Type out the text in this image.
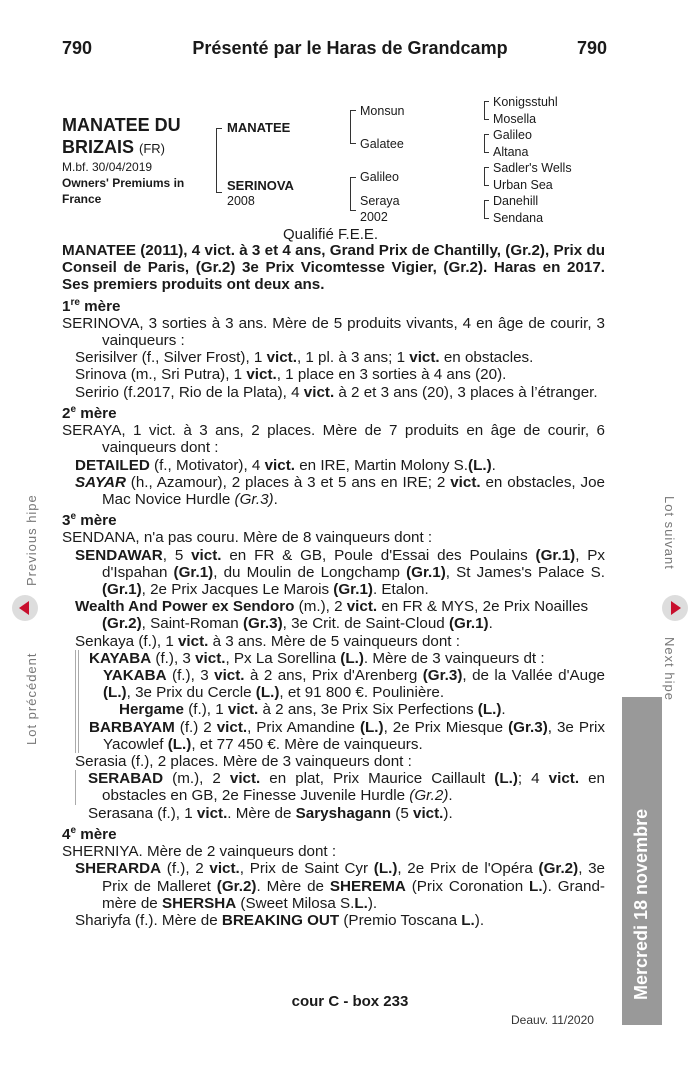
790	Présenté par le Haras de Grandcamp	790
MANATEE DU
BRIZAIS (FR)
M.bf. 30/04/2019
Owners' Premiums in France
MANATEE
SERINOVA
2008
Monsun
Galatee
Galileo
Seraya
2002
Konigsstuhl
Mosella
Galileo
Altana
Sadler's Wells
Urban Sea
Danehill
Sendana
Qualifié F.E.E.

MANATEE (2011), 4 vict. à 3 et 4 ans, Grand Prix de Chantilly, (Gr.2), Prix du Conseil de Paris, (Gr.2) 3e Prix Vicomtesse Vigier, (Gr.2). Haras en 2017. Ses premiers produits ont deux ans.

1re mère

SERINOVA, 3 sorties à 3 ans. Mère de 5 produits vivants, 4 en âge de courir, 3 vainqueurs :

Serisilver (f., Silver Frost), 1 vict., 1 pl. à 3 ans; 1 vict. en obstacles.

Srinova (m., Sri Putra), 1 vict., 1 place en 3 sorties à 4 ans (20).

Seririo (f.2017, Rio de la Plata), 4 vict. à 2 et 3 ans (20), 3 places à l’étranger.

2e mère

SERAYA, 1 vict. à 3 ans, 2 places. Mère de 7 produits en âge de courir, 6 vainqueurs dont :

DETAILED (f., Motivator), 4 vict. en IRE, Martin Molony S.(L.).

SAYAR (h., Azamour), 2 places à 3 et 5 ans en IRE; 2 vict. en obstacles, Joe Mac Novice Hurdle (Gr.3).

3e mère

SENDANA, n'a pas couru. Mère de 8 vainqueurs dont :

SENDAWAR, 5 vict. en FR & GB, Poule d'Essai des Poulains (Gr.1), Px d'Ispahan (Gr.1), du Moulin de Longchamp (Gr.1), St James's Palace S. (Gr.1), 2e Prix Jacques Le Marois (Gr.1). Etalon.

Wealth And Power ex Sendoro (m.), 2 vict. en FR & MYS, 2e Prix Noailles (Gr.2), Saint-Roman (Gr.3), 3e Crit. de Saint-Cloud (Gr.1).

Senkaya (f.), 1 vict. à 3 ans. Mère de 5 vainqueurs dont :

KAYABA (f.), 3 vict., Px La Sorellina (L.). Mère de 3 vainqueurs dt :

YAKABA (f.), 3 vict. à 2 ans, Prix d'Arenberg (Gr.3), de la Vallée d'Auge (L.), 3e Prix du Cercle (L.), et 91 800 €. Poulinière.

Hergame (f.), 1 vict. à 2 ans, 3e Prix Six Perfections (L.).

BARBAYAM (f.) 2 vict., Prix Amandine (L.), 2e Prix Miesque (Gr.3), 3e Prix Yacowlef (L.), et 77 450 €. Mère de vainqueurs.

Serasia (f.), 2 places. Mère de 3 vainqueurs dont :

SERABAD (m.), 2 vict. en plat, Prix Maurice Caillault (L.); 4 vict. en obstacles en GB, 2e Finesse Juvenile Hurdle (Gr.2).

Serasana (f.), 1 vict.. Mère de Saryshagann (5 vict.).

4e mère

SHERNIYA. Mère de 2 vainqueurs dont :

SHERARDA (f.), 2 vict., Prix de Saint Cyr (L.), 2e Prix de l'Opéra (Gr.2), 3e Prix de Malleret (Gr.2). Mère de SHEREMA (Prix Coronation L.). Grand-mère de SHERSHA (Sweet Milosa S.L.).

Shariyfa (f.). Mère de BREAKING OUT (Premio Toscana L.).

Previous hipe
Lot précédent
Lot suivant
Next hipe
Mercredi 18 novembre
cour C - box 233
Deauv. 11/2020
